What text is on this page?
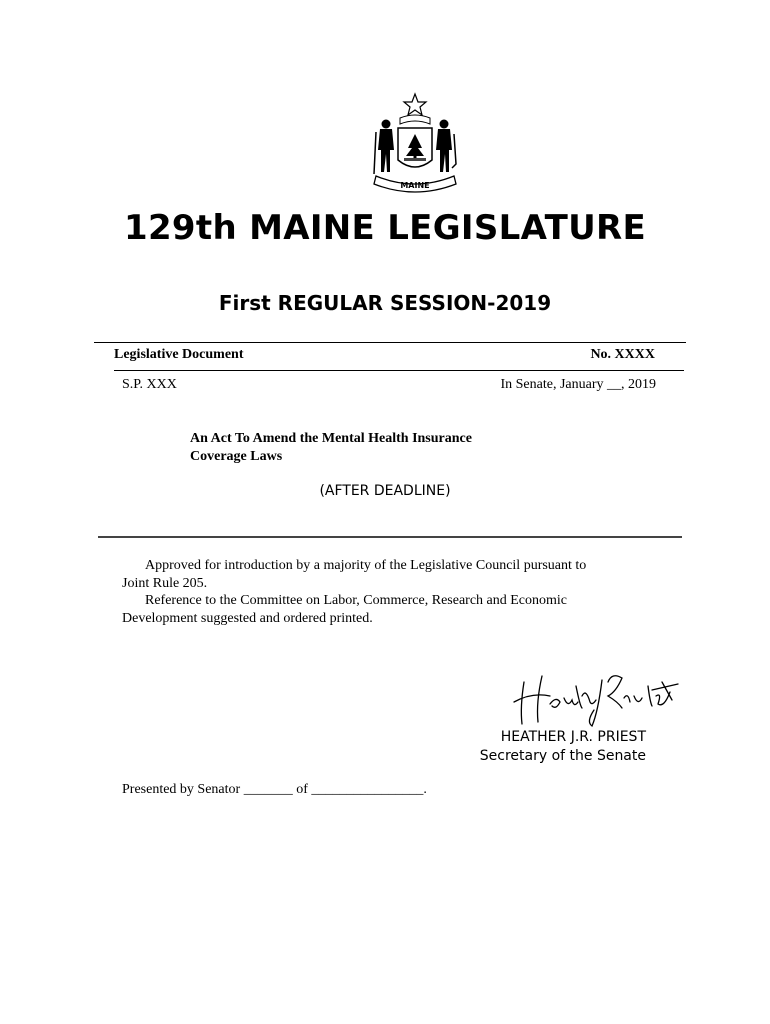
MAINE
129th MAINE LEGISLATURE
First REGULAR SESSION-2019
Legislative Document	No. XXXX
S.P. XXX	In Senate, January __, 2019
An Act To Amend the Mental Health Insurance
Coverage Laws
(AFTER DEADLINE)
Approved for introduction by a majority of the Legislative Council pursuant to
Joint Rule 205.
Reference to the Committee on Labor, Commerce, Research and Economic
Development suggested and ordered printed.
HEATHER J.R. PRIEST
Secretary of the Senate
Presented by Senator _______ of ________________.
